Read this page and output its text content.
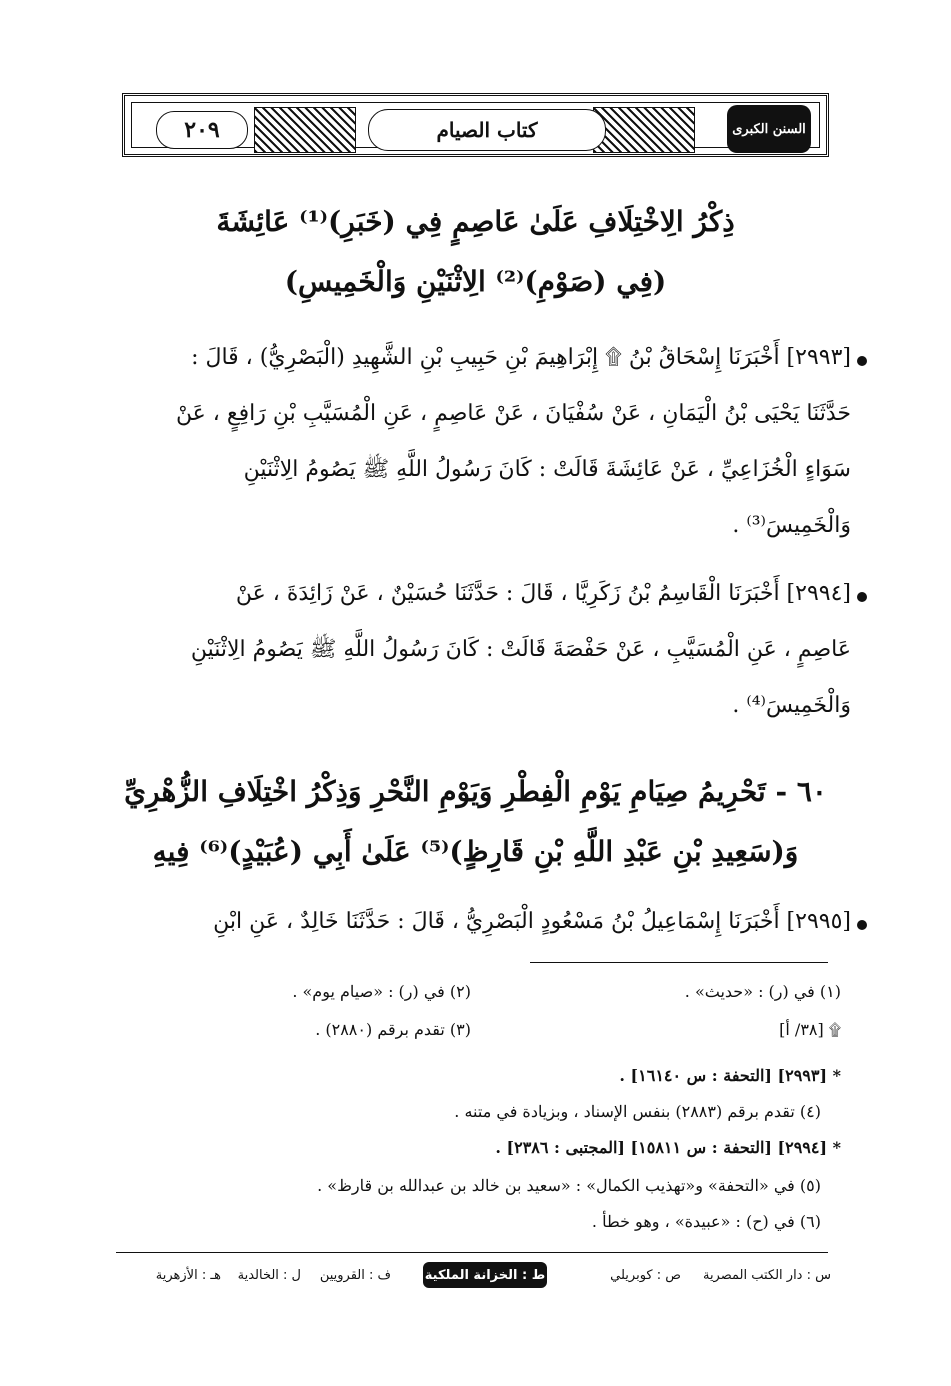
السنن الكبرى
كتاب الصيام
٢٠٩
ذِكْرُ الِاخْتِلَافِ عَلَىٰ عَاصِمٍ فِي (خَبَرِ)⁽¹⁾ عَائِشَةَ
(فِي (صَوْمِ)⁽²⁾ الِاثْنَيْنِ وَالْخَمِيسِ)
[٢٩٩٣] أَخْبَرَنَا إِسْحَاقُ بْنُ ۩ إِبْرَاهِيمَ بْنِ حَبِيبِ بْنِ الشَّهِيدِ (الْبَصْرِيُّ) ، قَالَ :
حَدَّثَنَا يَحْيَى بْنُ الْيَمَانِ ، عَنْ سُفْيَانَ ، عَنْ عَاصِمٍ ، عَنِ الْمُسَيَّبِ بْنِ رَافِعٍ ، عَنْ
سَوَاءٍ الْخُزَاعِيِّ ، عَنْ عَائِشَةَ قَالَتْ : كَانَ رَسُولُ اللَّهِ ﷺ يَصُومُ الِاثْنَيْنِ
وَالْخَمِيسَ⁽³⁾ .
[٢٩٩٤] أَخْبَرَنَا الْقَاسِمُ بْنُ زَكَرِيَّا ، قَالَ : حَدَّثَنَا حُسَيْنٌ ، عَنْ زَائِدَةَ ، عَنْ
عَاصِمٍ ، عَنِ الْمُسَيَّبِ ، عَنْ حَفْصَةَ قَالَتْ : كَانَ رَسُولُ اللَّهِ ﷺ يَصُومُ الِاثْنَيْنِ
وَالْخَمِيسَ⁽⁴⁾ .
٦٠ - تَحْرِيمُ صِيَامِ يَوْمِ الْفِطْرِ وَيَوْمِ النَّحْرِ وَذِكْرُ اخْتِلَافِ الزُّهْرِيِّ
وَ(سَعِيدِ بْنِ عَبْدِ اللَّهِ بْنِ قَارِظٍ)⁽⁵⁾ عَلَىٰ أَبِي (عُبَيْدٍ)⁽⁶⁾ فِيهِ
[٢٩٩٥] أَخْبَرَنَا إِسْمَاعِيلُ بْنُ مَسْعُودٍ الْبَصْرِيُّ ، قَالَ : حَدَّثَنَا خَالِدٌ ، عَنِ ابْنِ
(١) في (ر) : «حديث» .
(٢) في (ر) : «صيام يوم» .
۩ [٣٨/ أ]
(٣) تقدم برقم (٢٨٨٠) .
* [٢٩٩٣] [التحفة : س ١٦١٤٠] .
(٤) تقدم برقم (٢٨٨٣) بنفس الإسناد ، وبزيادة في متنه .
* [٢٩٩٤] [التحفة : س ١٥٨١١] [المجتبى : ٢٣٨٦] .
(٥) في «التحفة» و«تهذيب الكمال» : «سعيد بن خالد بن عبدالله بن قارظ» .
(٦) في (ح) : «عبيدة» ، وهو خطأ .
س : دار الكتب المصرية
ص : كوبريلي
ط : الخزانة الملكية
ف : القرويين
ل : الخالدية
هـ : الأزهرية
